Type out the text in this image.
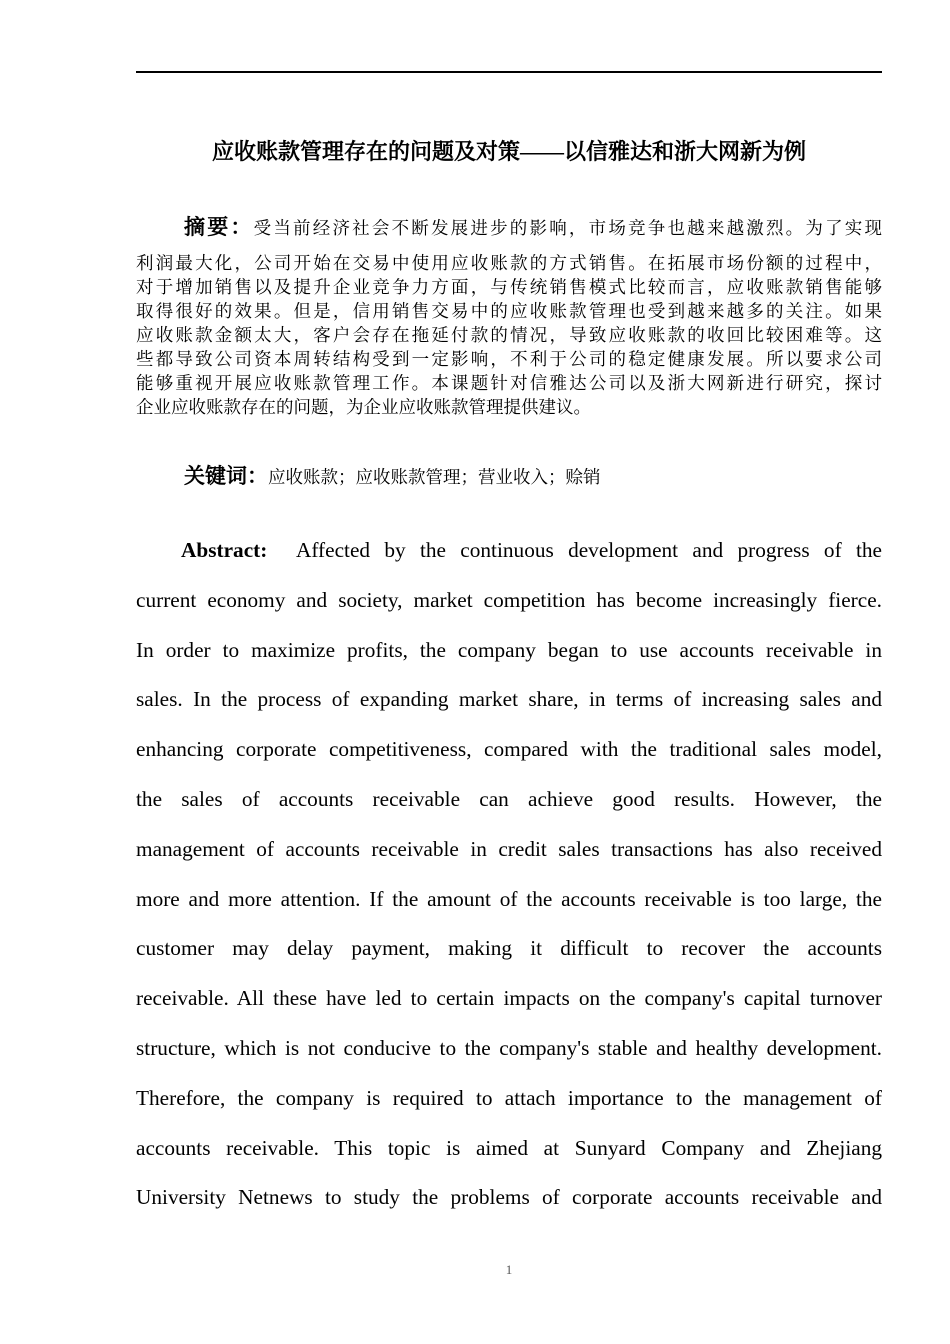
应收账款管理存在的问题及对策——以信雅达和浙大网新为例
摘要：受当前经济社会不断发展进步的影响，市场竞争也越来越激烈。为了实现
利润最大化，公司开始在交易中使用应收账款的方式销售。在拓展市场份额的过程中，
对于增加销售以及提升企业竞争力方面，与传统销售模式比较而言，应收账款销售能够
取得很好的效果。但是，信用销售交易中的应收账款管理也受到越来越多的关注。如果
应收账款金额太大，客户会存在拖延付款的情况，导致应收账款的收回比较困难等。这
些都导致公司资本周转结构受到一定影响，不利于公司的稳定健康发展。所以要求公司
能够重视开展应收账款管理工作。本课题针对信雅达公司以及浙大网新进行研究，探讨
企业应收账款存在的问题，为企业应收账款管理提供建议。
关键词：应收账款；应收账款管理；营业收入；赊销
Abstract: Affected by the continuous development and progress of the
current economy and society, market competition has become increasingly fierce.
In order to maximize profits, the company began to use accounts receivable in
sales. In the process of expanding market share, in terms of increasing sales and
enhancing corporate competitiveness, compared with the traditional sales model,
the sales of accounts receivable can achieve good results. However, the
management of accounts receivable in credit sales transactions has also received
more and more attention. If the amount of the accounts receivable is too large, the
customer may delay payment, making it difficult to recover the accounts
receivable. All these have led to certain impacts on the company's capital turnover
structure, which is not conducive to the company's stable and healthy development.
Therefore, the company is required to attach importance to the management of
accounts receivable. This topic is aimed at Sunyard Company and Zhejiang
University Netnews to study the problems of corporate accounts receivable and
1
